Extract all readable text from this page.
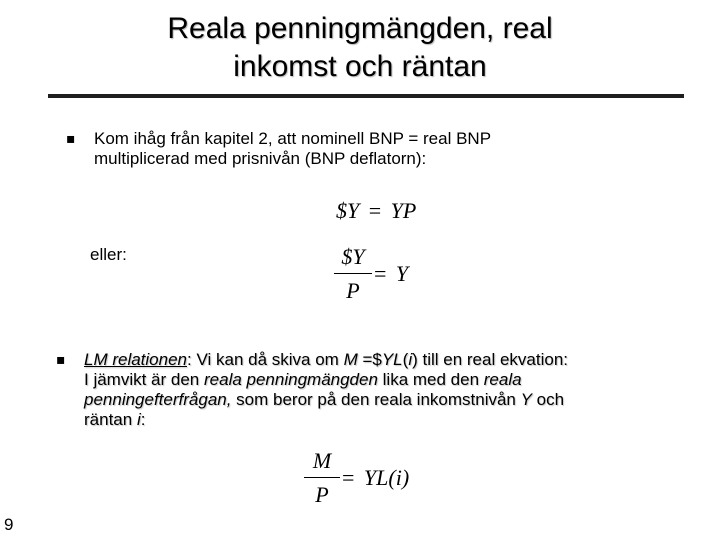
Reala penningmängden, real
inkomst och räntan
▪ Kom ihåg från kapitel 2, att nominell BNP = real BNP
multiplicerad med prisnivån (BNP deflatorn):
$Y = YP
eller:	$Y
P
= Y
▪ LM relationen: Vi kan då skiva om M =$YL(i) till en real ekvation:
I jämvikt är den reala penningmängden lika med den reala
penningefterfrågan, som beror på den reala inkomstnivån Y och
räntan i:
M
P
= YL(i)
9
